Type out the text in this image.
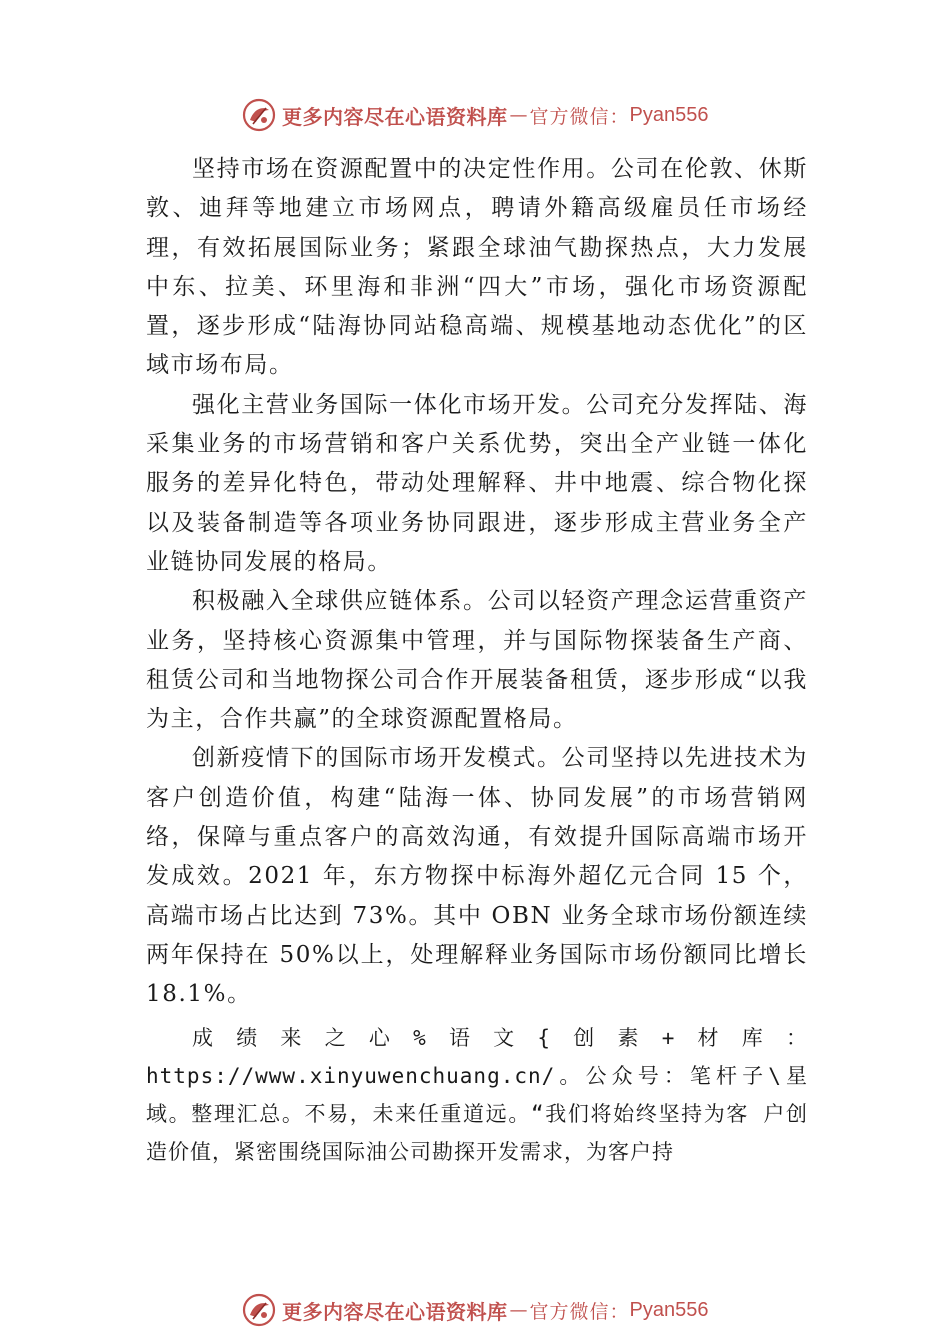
更多内容尽在心语资料库 — 官方微信： Pyan556

坚持市场在资源配置中的决定性作用。公司在伦敦、休斯敦、迪拜等地建立市场网点，聘请外籍高级雇员任市场经理，有效拓展国际业务；紧跟全球油气勘探热点，大力发展中东、拉美、环里海和非洲“四大”市场，强化市场资源配置，逐步形成“陆海协同站稳高端、规模基地动态优化”的区域市场布局。

强化主营业务国际一体化市场开发。公司充分发挥陆、海采集业务的市场营销和客户关系优势，突出全产业链一体化服务的差异化特色，带动处理解释、井中地震、综合物化探以及装备制造等各项业务协同跟进，逐步形成主营业务全产业链协同发展的格局。

积极融入全球供应链体系。公司以轻资产理念运营重资产业务，坚持核心资源集中管理，并与国际物探装备生产商、租赁公司和当地物探公司合作开展装备租赁，逐步形成“以我为主，合作共赢”的全球资源配置格局。

创新疫情下的国际市场开发模式。公司坚持以先进技术为客户创造价值，构建“陆海一体、协同发展”的市场营销网络，保障与重点客户的高效沟通，有效提升国际高端市场开发成效。2021 年，东方物探中标海外超亿元合同 15 个，高端市场占比达到 73%。其中 OBN 业务全球市场份额连续两年保持在 50%以上，处理解释业务国际市场份额同比增长18.1%。

成绩来之心%语文{创素+材库：https://www.xinyuwenchuang.cn/。公众号：笔杆子\星域。整理汇总。不易，未来任重道远。“我们将始终坚持为客 户创造价值，紧密围绕国际油公司勘探开发需求，为客户持

更多内容尽在心语资料库 — 官方微信： Pyan556
